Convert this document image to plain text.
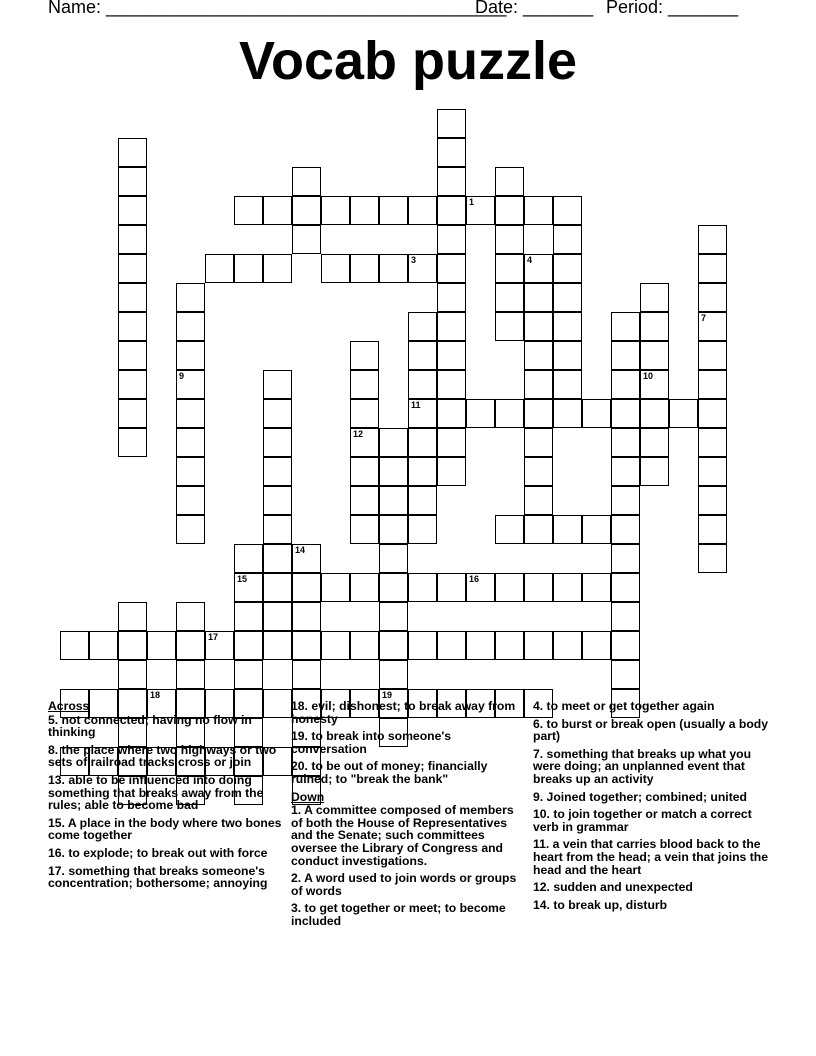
Name: ________________________________________
Date: _______ Period: _______
Vocab puzzle
1
7
3
9	10
11
12
15	16
17
19
4
14
18
Across
5. not connected; having no flow in thinking
8. the place where two highways or two sets of railroad tracks cross or join
13. able to be influenced into doing something that breaks away from the rules; able to become bad
15. A place in the body where two bones come together
16. to explode; to break out with force
17. something that breaks someone's concentration; bothersome; annoying
18. evil; dishonest; to break away from honesty
19. to break into someone's conversation
20. to be out of money; financially ruined; to "break the bank"
Down
1. A committee composed of members of both the House of Representatives and the Senate; such committees oversee the Library of Congress and conduct investigations.
2. A word used to join words or groups of words
3. to get together or meet; to become included
4. to meet or get together again
6. to burst or break open (usually a body part)
7. something that breaks up what you were doing; an unplanned event that breaks up an activity
9. Joined together; combined; united
10. to join together or match a correct verb in grammar
11. a vein that carries blood back to the heart from the head; a vein that joins the head and the heart
12. sudden and unexpected
14. to break up, disturb
